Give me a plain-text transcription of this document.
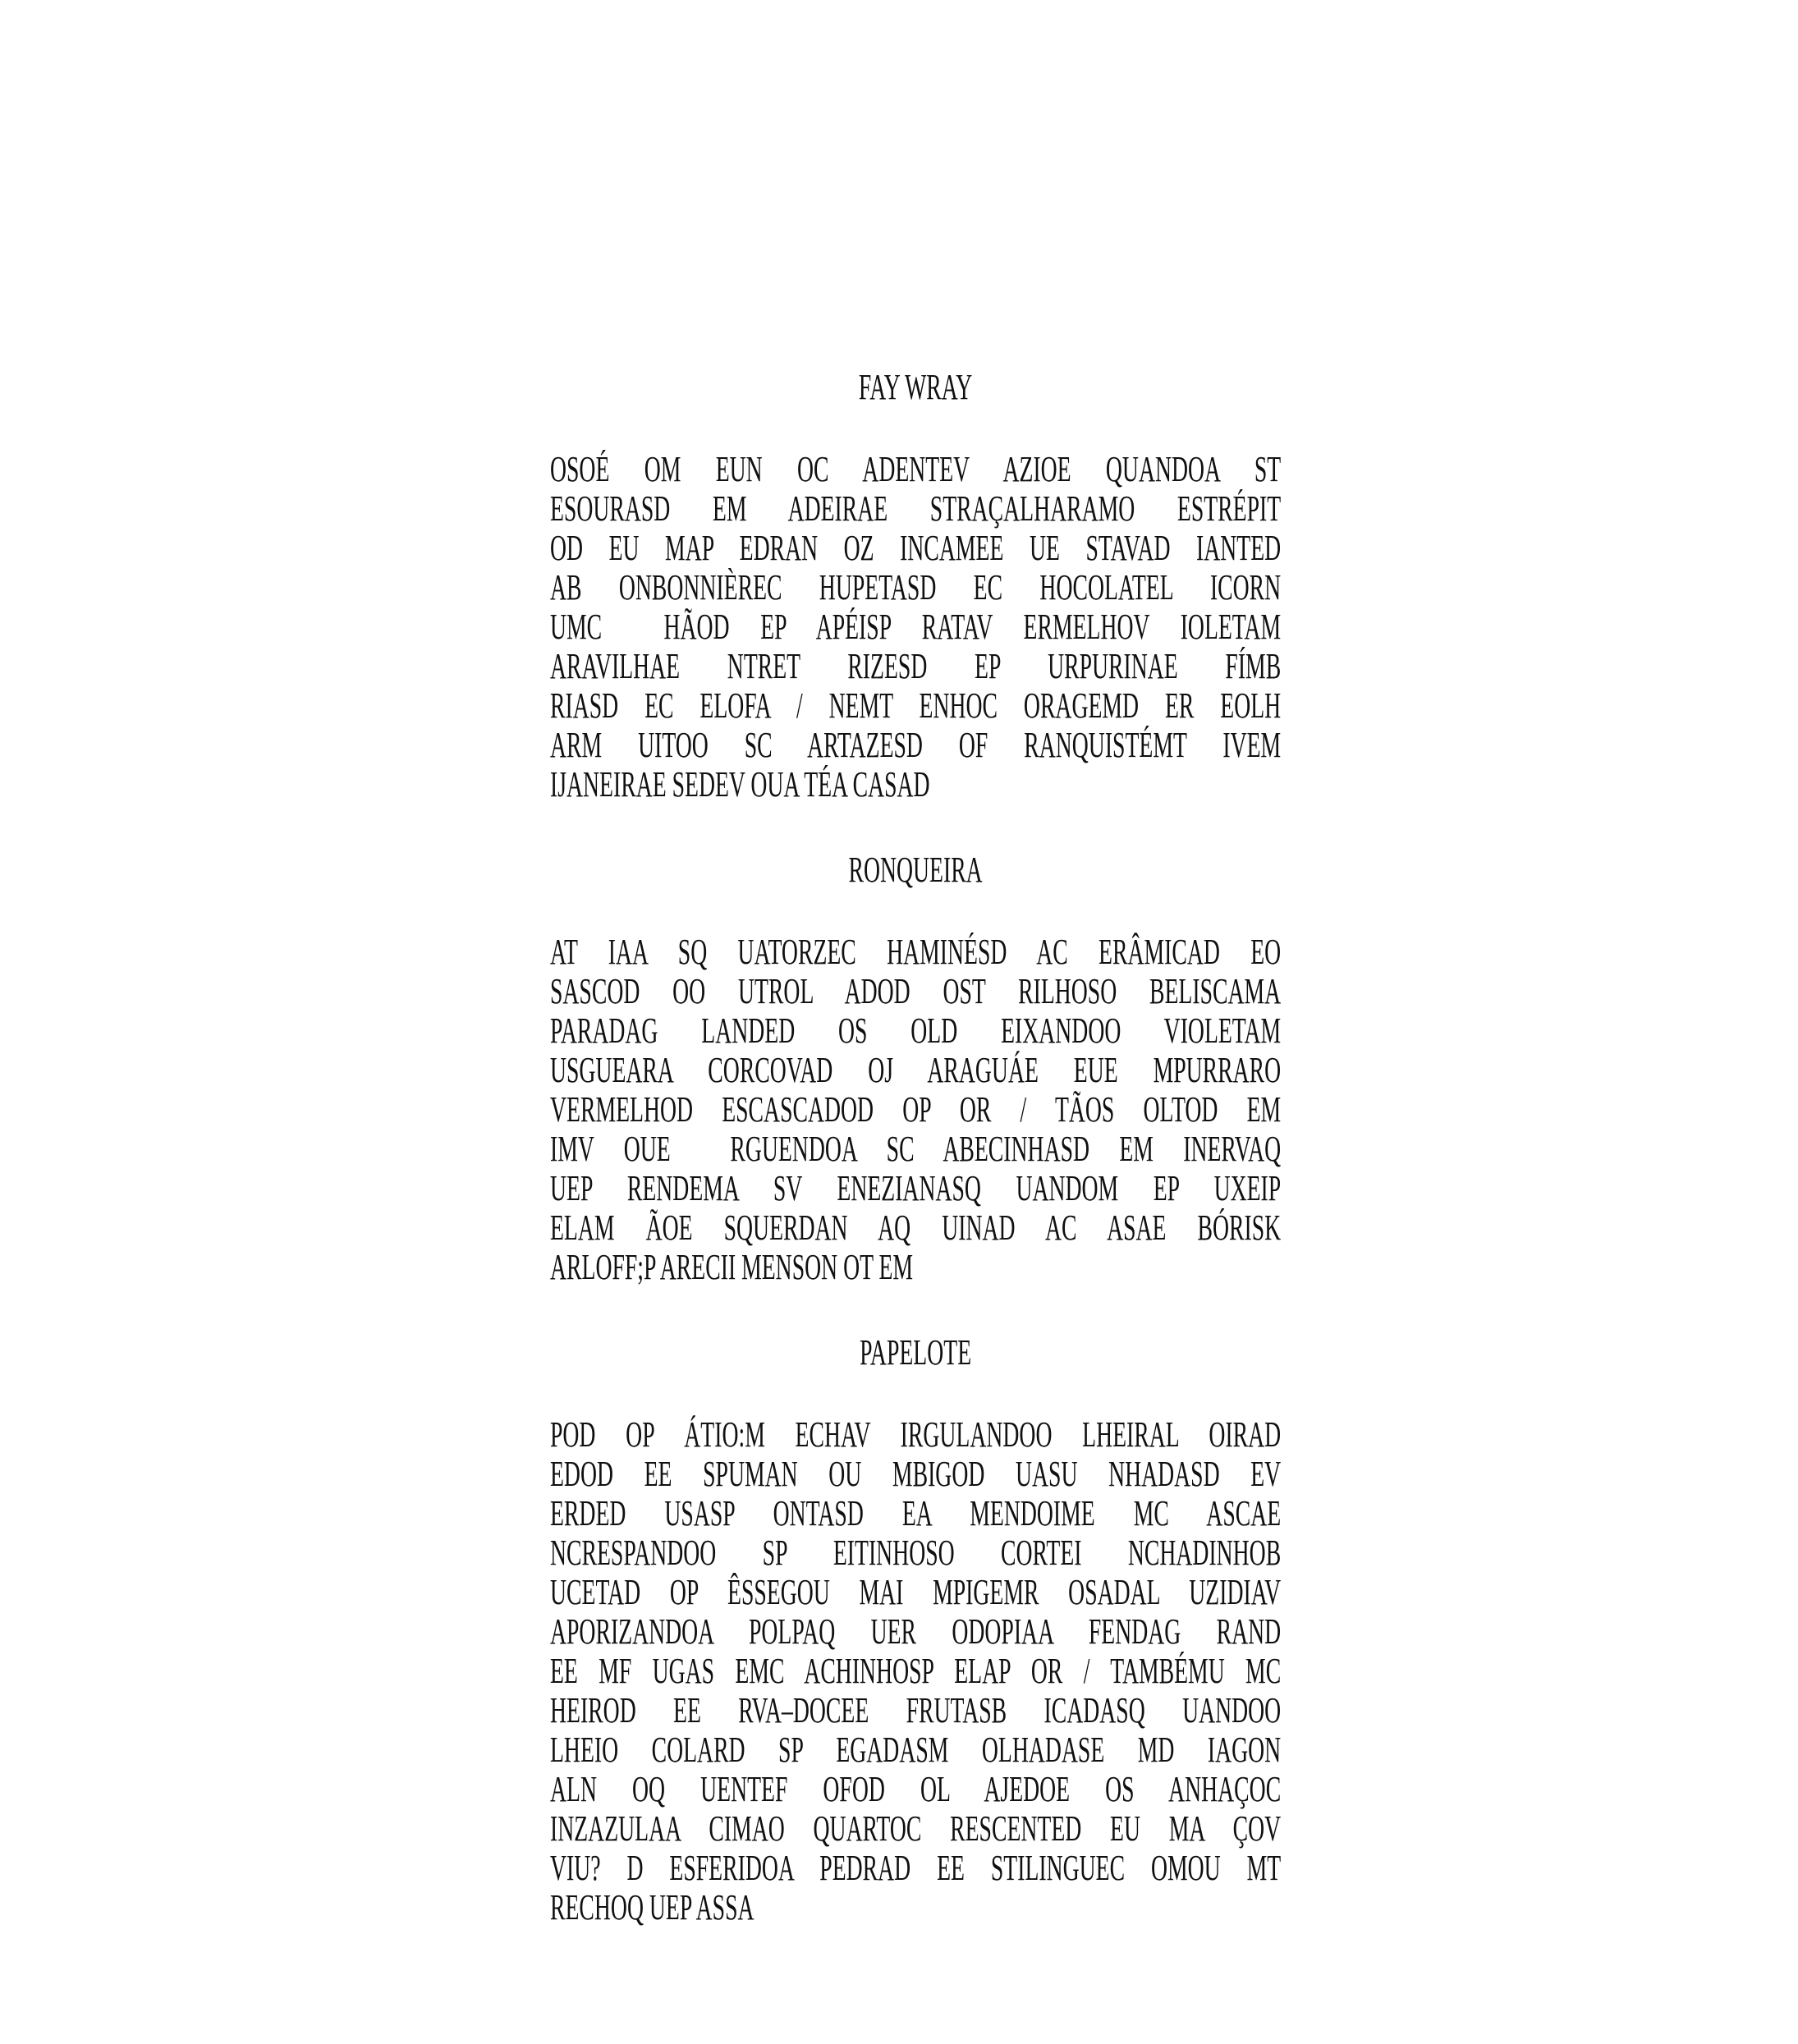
FAY WRAY
OSOÉ OM EUN OC ADENTEV AZIOE QUANDOA ST
ESOURASD EM ADEIRAE STRAÇALHARAMO ESTRÉPIT
OD EU MAP EDRAN OZ INCAMEE UE STAVAD IANTED
AB ONBONNIÈREC HUPETASD EC HOCOLATEL ICORN
UMC  HÃOD EP APÉISP RATAV ERMELHOV IOLETAM
ARAVILHAE NTRET RIZESD EP URPURINAE FÍMB
RIASD EC ELOFA / NEMT ENHOC ORAGEMD ER EOLH
ARM UITOO SC ARTAZESD OF RANQUISTÉMT IVEM
IJANEIRAE SEDEV OUA TÉA CASAD
RONQUEIRA
AT IAA SQ UATORZEC HAMINÉSD AC ERÂMICAD EO
SASCOD OO UTROL ADOD OST RILHOSO BELISCAMA
PARADAG LANDED OS OLD EIXANDOO VIOLETAM
USGUEARA CORCOVAD OJ ARAGUÁE EUE MPURRARO
VERMELHOD ESCASCADOD OP OR / TÃOS OLTOD EM
IMV OUE  RGUENDOA SC ABECINHASD EM INERVAQ
UEP RENDEMA SV ENEZIANASQ UANDOM EP UXEIP
ELAM ÃOE SQUERDAN AQ UINAD AC ASAE BÓRISK
ARLOFF;P ARECII MENSON OT EM
PAPELOTE
POD OP ÁTIO:M ECHAV IRGULANDOO LHEIRAL OIRAD
EDOD EE SPUMAN OU MBIGOD UASU NHADASD EV
ERDED USASP ONTASD EA MENDOIME MC ASCAE
NCRESPANDOO SP EITINHOSO CORTEI NCHADINHOB
UCETAD OP ÊSSEGOU MAI MPIGEMR OSADAL UZIDIAV
APORIZANDOA POLPAQ UER ODOPIAA FENDAG RAND
EE MF UGAS EMC ACHINHOSP ELAP OR / TAMBÉMU MC
HEIROD EE RVA–DOCEE FRUTASB ICADASQ UANDOO
LHEIO COLARD SP EGADASM OLHADASE MD IAGON
ALN OQ UENTEF OFOD OL AJEDOE OS ANHAÇOC
INZAZULAA CIMAO QUARTOC RESCENTED EU MA ÇOV
VIU? D ESFERIDOA PEDRAD EE STILINGUEC OMOU MT
RECHOQ UEP ASSA
